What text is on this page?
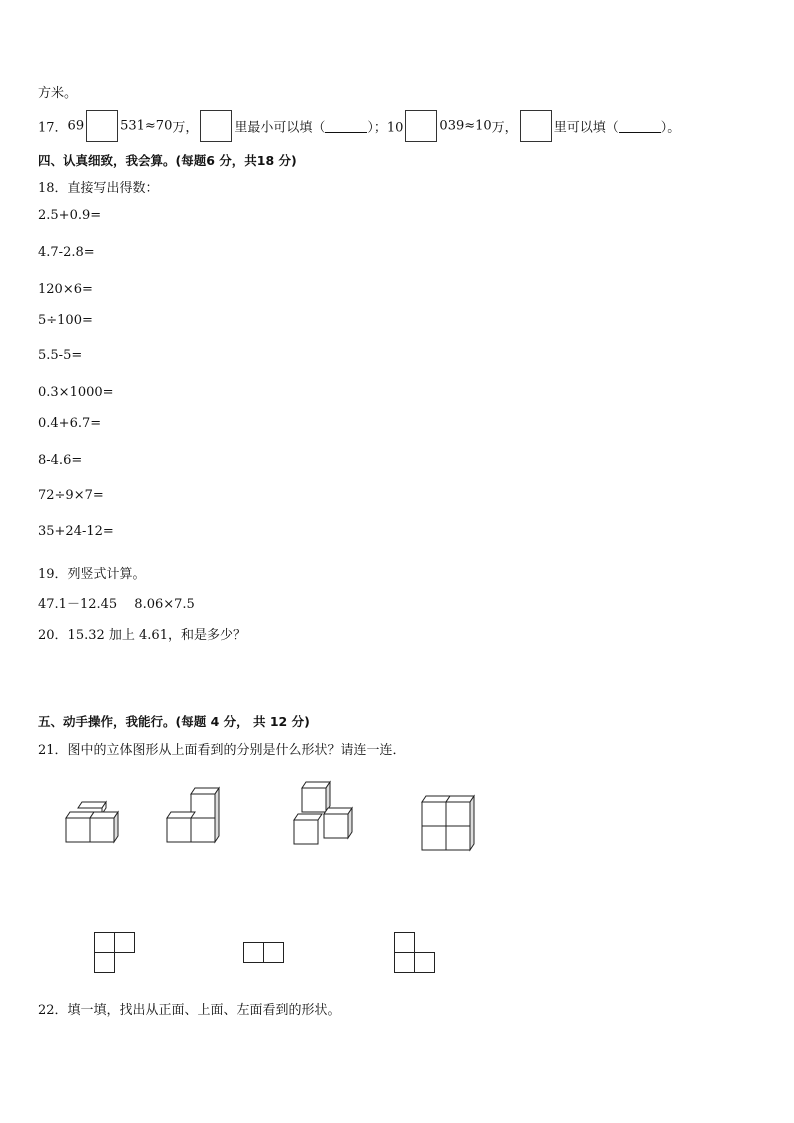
方米。
17．69	531≈70万，	里最小可以填（	）；10	039≈10万，	里可以填（	）。
四、认真细致，我会算。(每题6 分，共18 分)
18．直接写出得数：
2.5+0.9=
4.7-2.8=
120×6=
5÷100=
5.5-5=
0.3×1000=
0.4+6.7=
8-4.6=
72÷9×7=
35+24-12=
19．列竖式计算。
47.1－12.45　 8.06×7.5
20．15.32 加上 4.61，和是多少？
五、动手操作，我能行。(每题 4 分， 共 12 分)
21．图中的立体图形从上面看到的分别是什么形状？请连一连．
22．填一填，找出从正面、上面、左面看到的形状。
